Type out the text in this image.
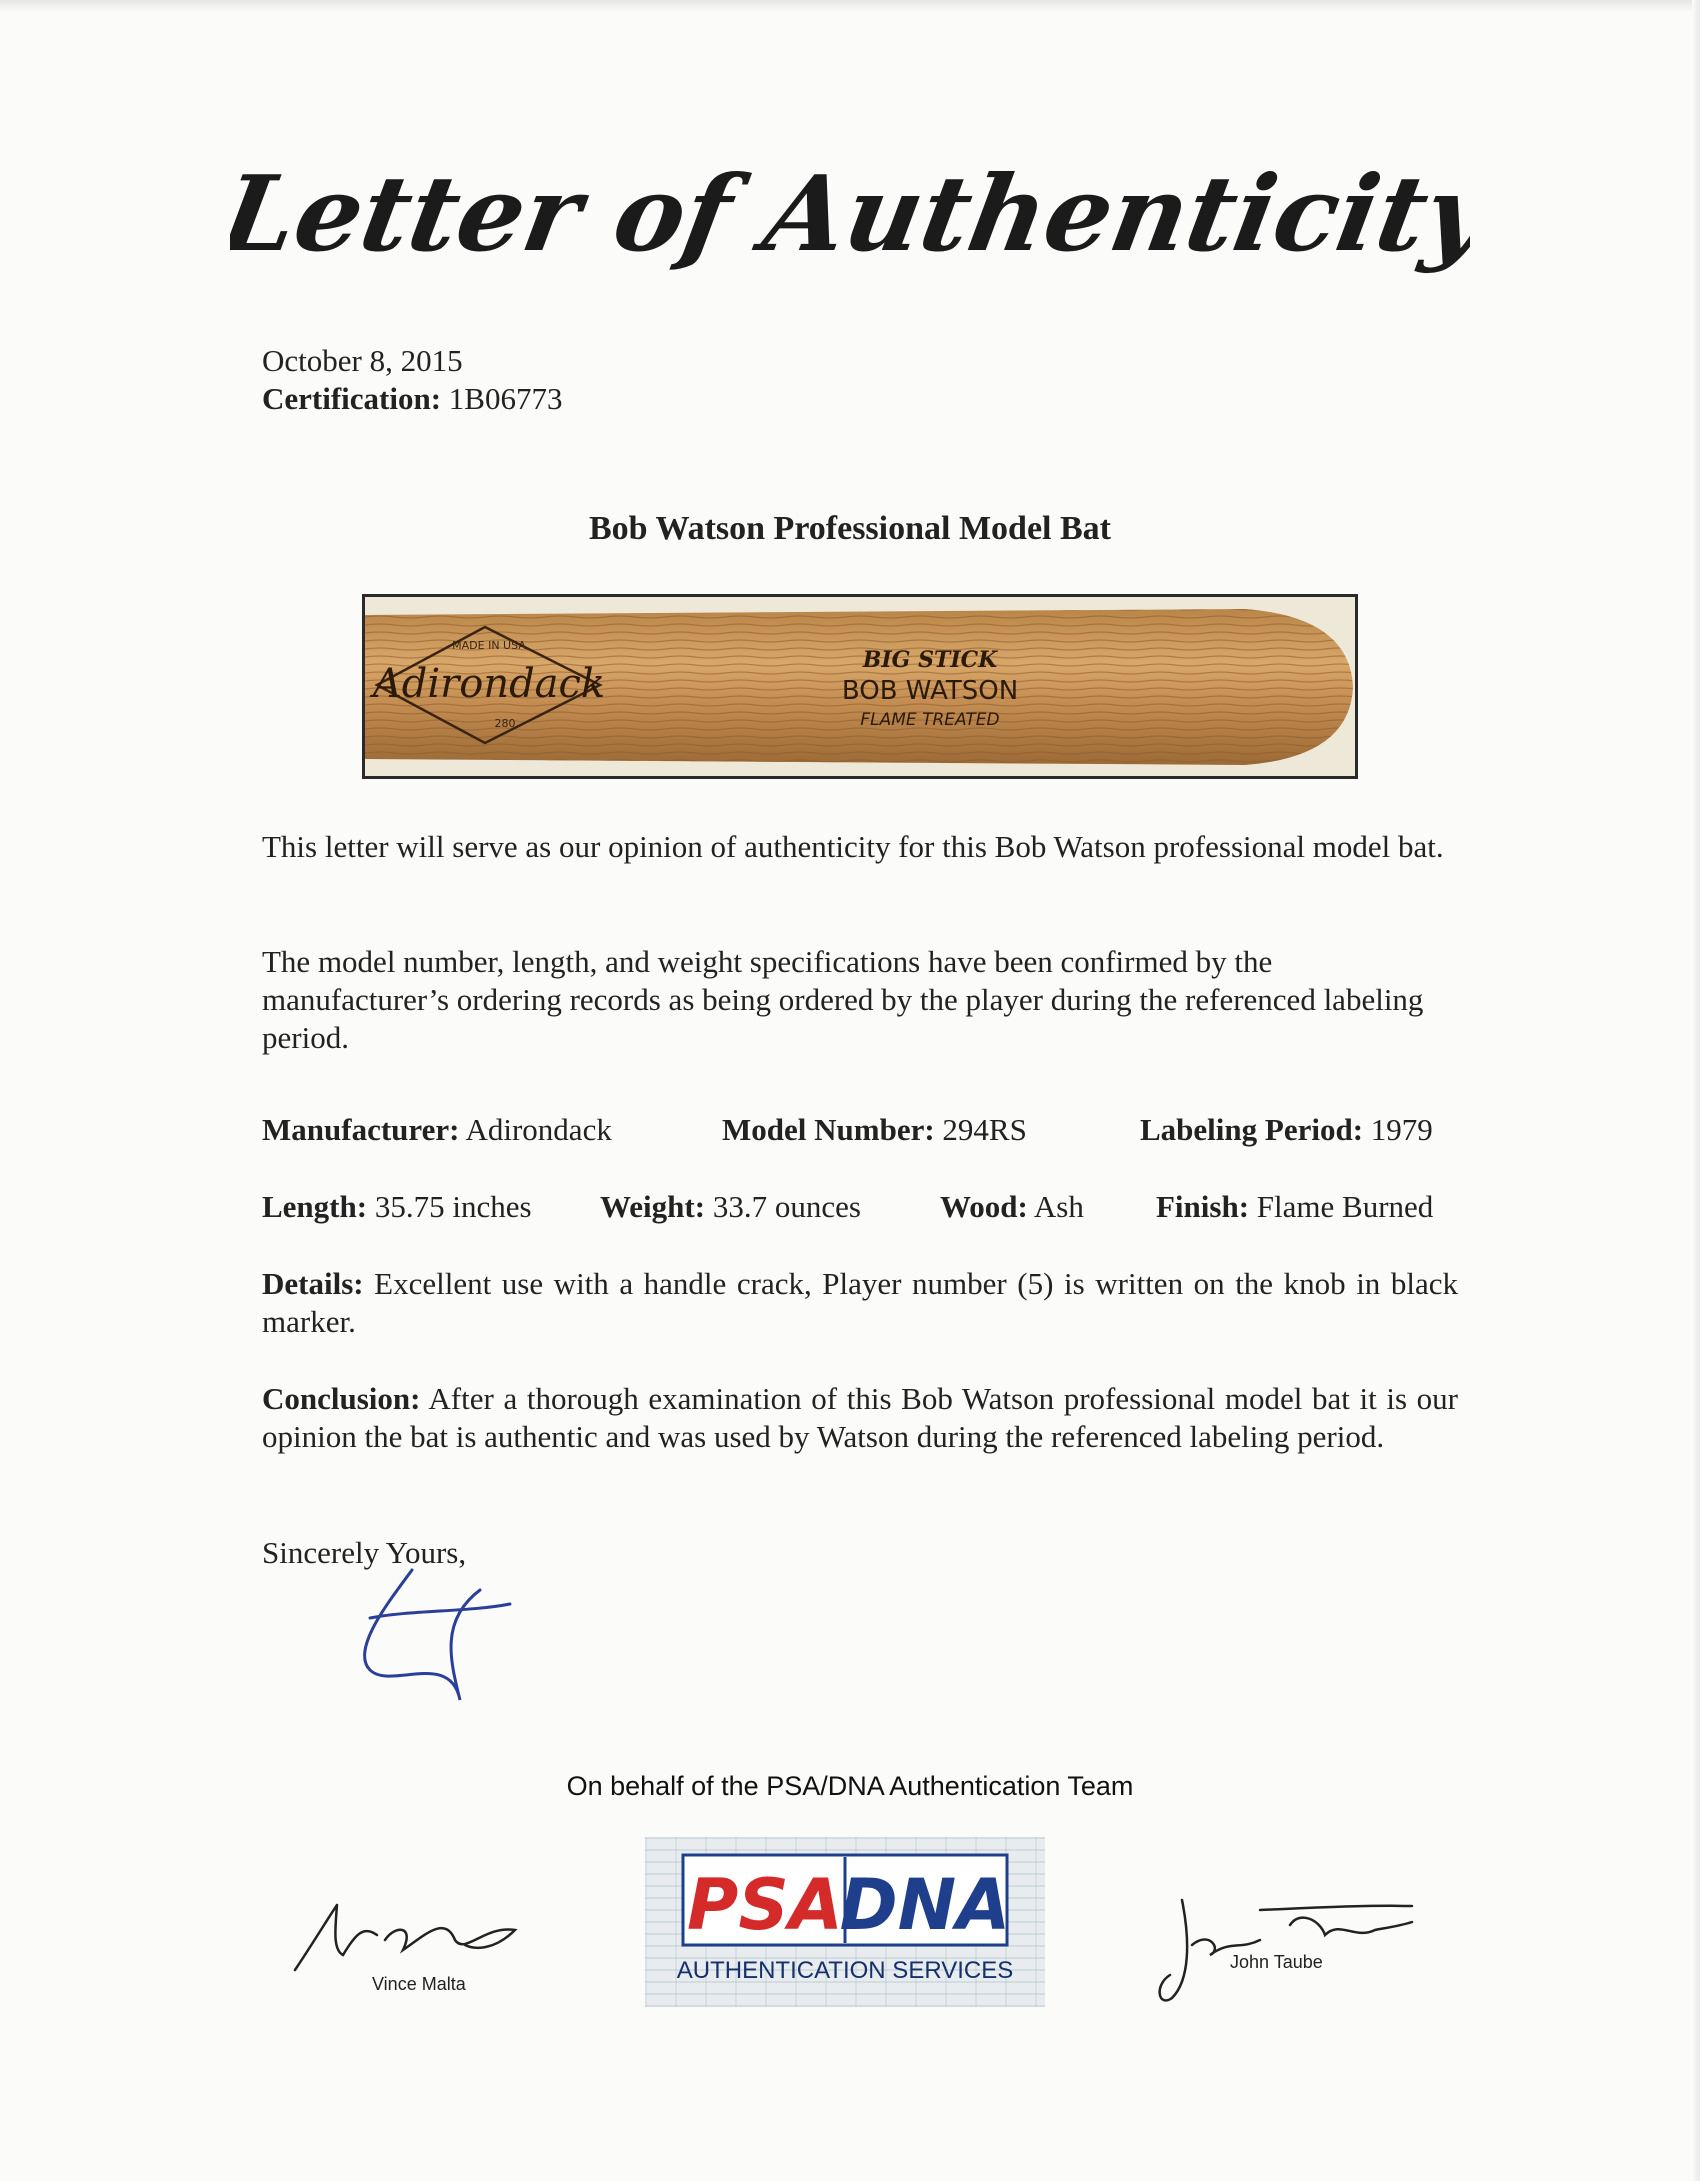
Letter of Authenticity
October 8, 2015
Certification: 1B06773
Bob Watson Professional Model Bat
MADE IN USA
Adirondack
280
BIG STICK
BOB WATSON
FLAME TREATED
This letter will serve as our opinion of authenticity for this Bob Watson professional model bat.
The model number, length, and weight specifications have been confirmed by the manufacturer’s ordering records as being ordered by the player during the referenced labeling period.
Manufacturer: Adirondack	Model Number: 294RS	Labeling Period: 1979
Length: 35.75 inches Weight: 33.7 ounces	Wood: Ash Finish: Flame Burned
Details: Excellent use with a handle crack, Player number (5) is written on the knob in black marker.
Conclusion: After a thorough examination of this Bob Watson professional model bat it is our opinion the bat is authentic and was used by Watson during the referenced labeling period.
Sincerely Yours,
On behalf of the PSA/DNA Authentication Team
PSA
DNA
AUTHENTICATION SERVICES
Vince Malta
John Taube
